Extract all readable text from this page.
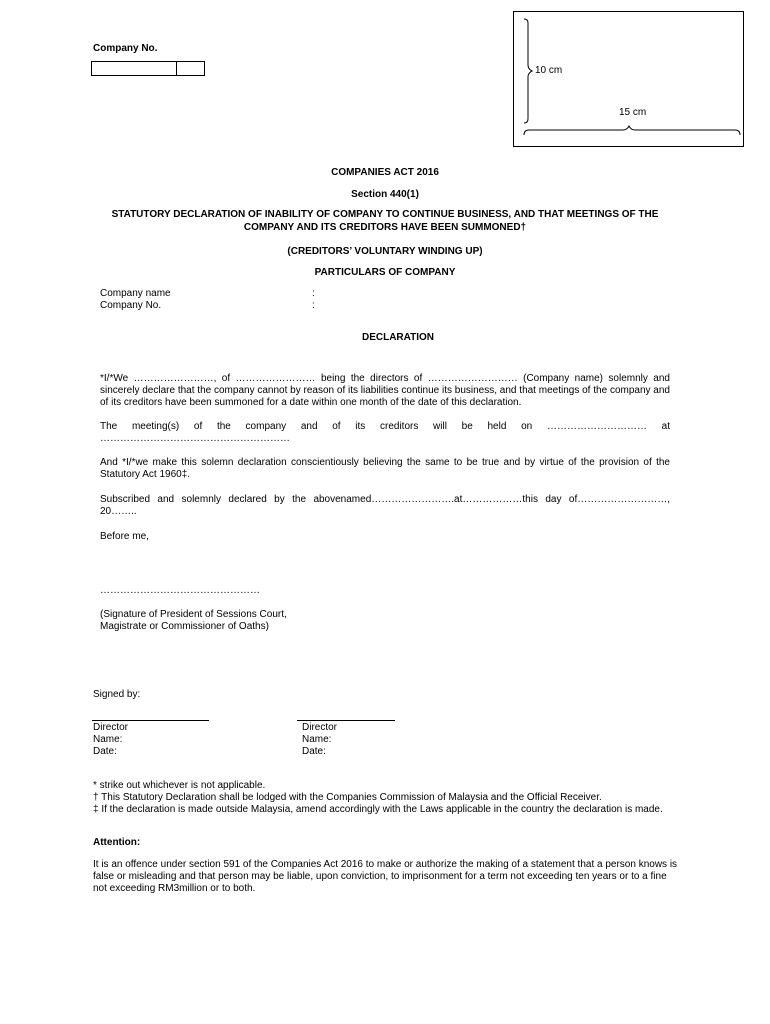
Company No.
10 cm
15 cm
COMPANIES ACT 2016
Section 440(1)
STATUTORY DECLARATION OF INABILITY OF COMPANY TO CONTINUE BUSINESS, AND THAT MEETINGS OF THE
COMPANY AND ITS CREDITORS HAVE BEEN SUMMONED†
(CREDITORS’ VOLUNTARY WINDING UP)
PARTICULARS OF COMPANY
Company name	:
Company No.	:
DECLARATION
*I/*We ……………………, of …………………… being the directors of ……………………… (Company name) solemnly and sincerely declare that the company cannot by reason of its liabilities continue its business, and that meetings of the company and of its creditors have been summoned for a date within one month of the date of this declaration.
The meeting(s) of the company and of its creditors will be held on ………………………… at …………………………………………………
And *I/*we make this solemn declaration conscientiously believing the same to be true and by virtue of the provision of the Statutory Act 1960‡.
Subscribed and solemnly declared by the abovenamed…………………….at………………this day of………………………, 20……..
Before me,
…………………………………………
(Signature of President of Sessions Court,
Magistrate or Commissioner of Oaths)
Signed by:
Director
Name:
Date:
Director
Name:
Date:
* strike out whichever is not applicable.
† This Statutory Declaration shall be lodged with the Companies Commission of Malaysia and the Official Receiver.
‡ If the declaration is made outside Malaysia, amend accordingly with the Laws applicable in the country the declaration is made.
Attention:
It is an offence under section 591 of the Companies Act 2016 to make or authorize the making of a statement that a person knows is false or misleading and that person may be liable, upon conviction, to imprisonment for a term not exceeding ten years or to a fine not exceeding RM3million or to both.
